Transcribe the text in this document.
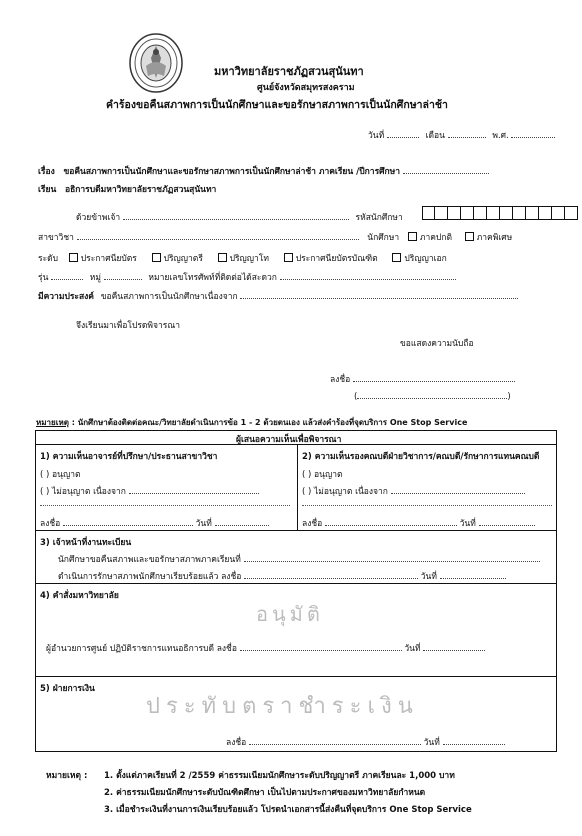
มหาวิทยาลัยราชภัฏสวนสุนันทา
ศูนย์จังหวัดสมุทรสงคราม
คำร้องขอคืนสภาพการเป็นนักศึกษาและขอรักษาสภาพการเป็นนักศึกษาล่าช้า
วันที่	เดือน	พ.ศ.
เรื่อง ขอคืนสภาพการเป็นนักศึกษาและขอรักษาสภาพการเป็นนักศึกษาล่าช้า ภาคเรียน /ปีการศึกษา
เรียน อธิการบดีมหาวิทยาลัยราชภัฏสวนสุนันทา
ด้วยข้าพเจ้า	รหัสนักศึกษา
สาขาวิชา	นักศึกษา ภาคปกติ	ภาคพิเศษ
ระดับ	ประกาศนียบัตร	ปริญญาตรี	ปริญญาโท	ประกาศนียบัตรบัณฑิต	ปริญญาเอก
รุ่น	หมู่	หมายเลขโทรศัพท์ที่ติดต่อได้สะดวก
มีความประสงค์ ขอคืนสภาพการเป็นนักศึกษาเนื่องจาก
จึงเรียนมาเพื่อโปรดพิจารณา
ขอแสดงความนับถือ
ลงชื่อ
(	)
หมายเหตุ : นักศึกษาต้องติดต่อคณะ/วิทยาลัยดำเนินการข้อ 1 - 2 ด้วยตนเอง แล้วส่งคำร้องที่จุดบริการ One Stop Service
ผู้เสนอความเห็นเพื่อพิจารณา
1) ความเห็นอาจารย์ที่ปรึกษา/ประธานสาขาวิชา
( ) อนุญาต
( ) ไม่อนุญาต เนื่องจาก
ลงชื่อ	วันที่
2) ความเห็นรองคณบดีฝ่ายวิชาการ/คณบดี/รักษาการแทนคณบดี
( ) อนุญาต
( ) ไม่อนุญาต เนื่องจาก
ลงชื่อ	วันที่
3) เจ้าหน้าที่งานทะเบียน
นักศึกษาขอคืนสภาพและขอรักษาสภาพภาคเรียนที่
ดำเนินการรักษาสภาพนักศึกษาเรียบร้อยแล้ว ลงชื่อ	วันที่
4) คำสั่งมหาวิทยาลัย
อนุมัติ
ผู้อำนวยการศูนย์ ปฏิบัติราชการแทนอธิการบดี ลงชื่อ	วันที่
5) ฝ่ายการเงิน
ประทับตราชำระเงิน
ลงชื่อ	วันที่
หมายเหตุ : 1. ตั้งแต่ภาคเรียนที่ 2 /2559 ค่าธรรมเนียมนักศึกษาระดับปริญญาตรี ภาคเรียนละ 1,000 บาท
2. ค่าธรรมเนียมนักศึกษาระดับบัณฑิตศึกษา เป็นไปตามประกาศของมหาวิทยาลัยกำหนด
3. เมื่อชำระเงินที่งานการเงินเรียบร้อยแล้ว โปรดนำเอกสารนี้ส่งคืนที่จุดบริการ One Stop Service
